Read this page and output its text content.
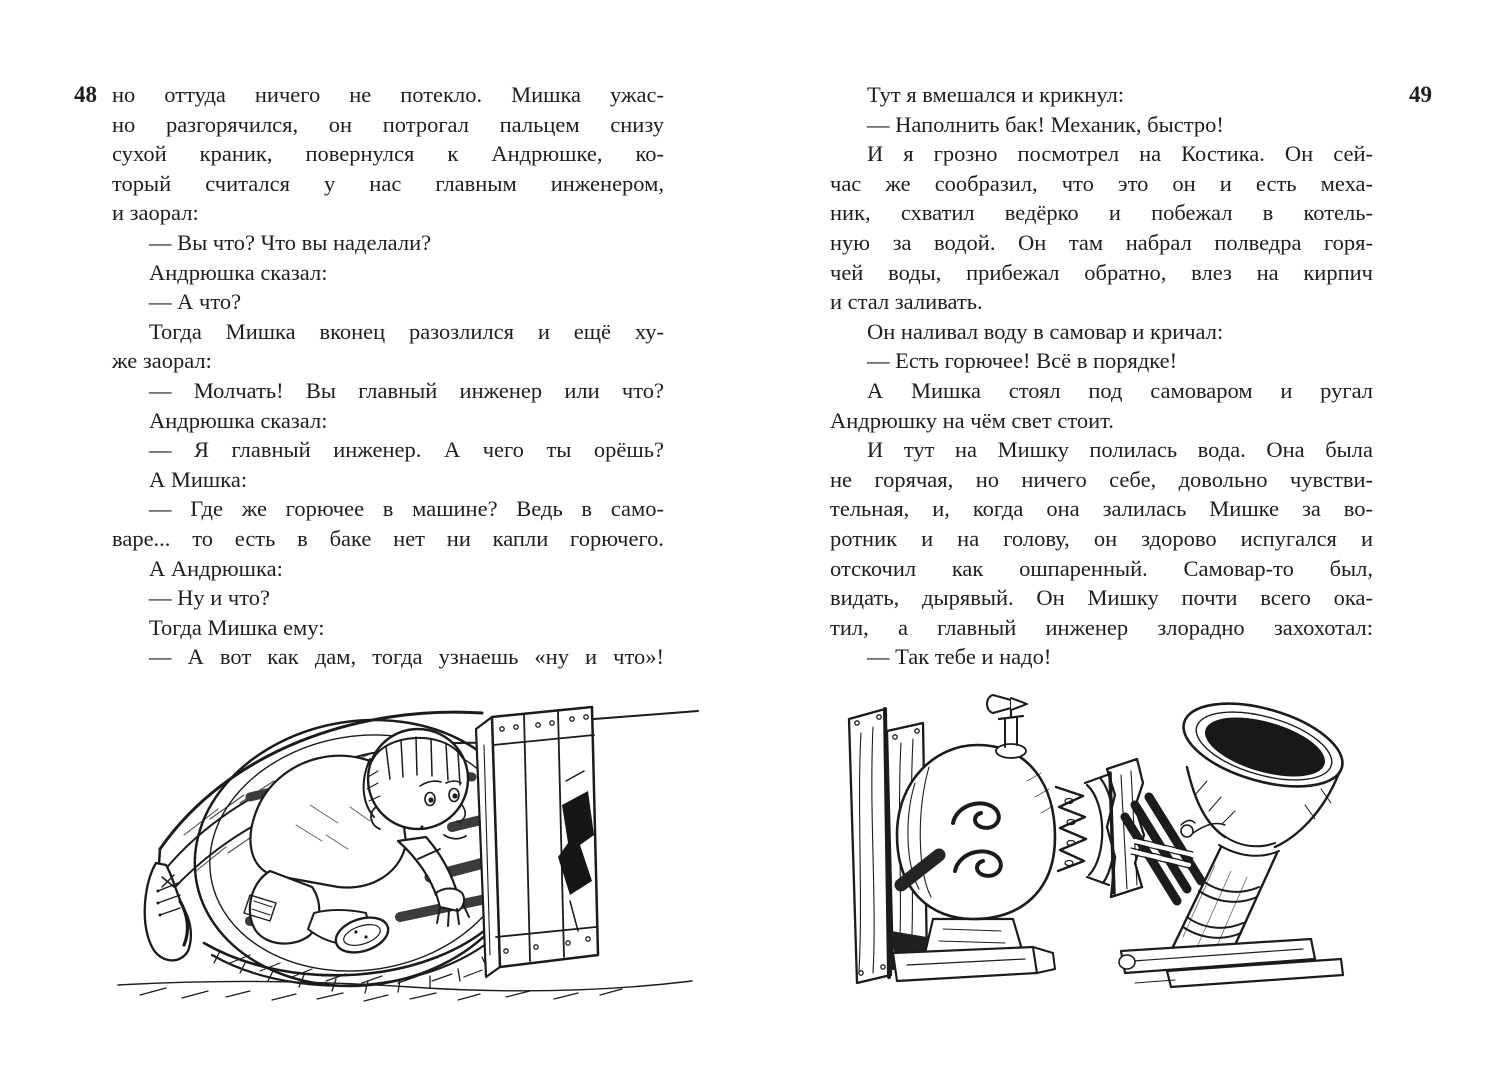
48	49
но оттуда ничего не потекло. Мишка ужас-
но разгорячился, он потрогал пальцем снизу
сухой краник, повернулся к Андрюшке, ко-
торый считался у нас главным инженером,
и заорал:
— Вы что? Что вы наделали?
Андрюшка сказал:
— А что?
Тогда Мишка вконец разозлился и ещё ху-
же заорал:
— Молчать! Вы главный инженер или что?
Андрюшка сказал:
— Я главный инженер. А чего ты орёшь?
А Мишка:
— Где же горючее в машине? Ведь в само-
варе... то есть в баке нет ни капли горючего.
А Андрюшка:
— Ну и что?
Тогда Мишка ему:
— А вот как дам, тогда узнаешь «ну и что»!
Тут я вмешался и крикнул:
— Наполнить бак! Механик, быстро!
И я грозно посмотрел на Костика. Он сей-
час же сообразил, что это он и есть меха-
ник, схватил ведёрко и побежал в котель-
ную за водой. Он там набрал полведра горя-
чей воды, прибежал обратно, влез на кирпич
и стал заливать.
Он наливал воду в самовар и кричал:
— Есть горючее! Всё в порядке!
А Мишка стоял под самоваром и ругал
Андрюшку на чём свет стоит.
И тут на Мишку полилась вода. Она была
не горячая, но ничего себе, довольно чувстви-
тельная, и, когда она залилась Мишке за во-
ротник и на голову, он здорово испугался и
отскочил как ошпаренный. Самовар-то был,
видать, дырявый. Он Мишку почти всего ока-
тил, а главный инженер злорадно захохотал:
— Так тебе и надо!
